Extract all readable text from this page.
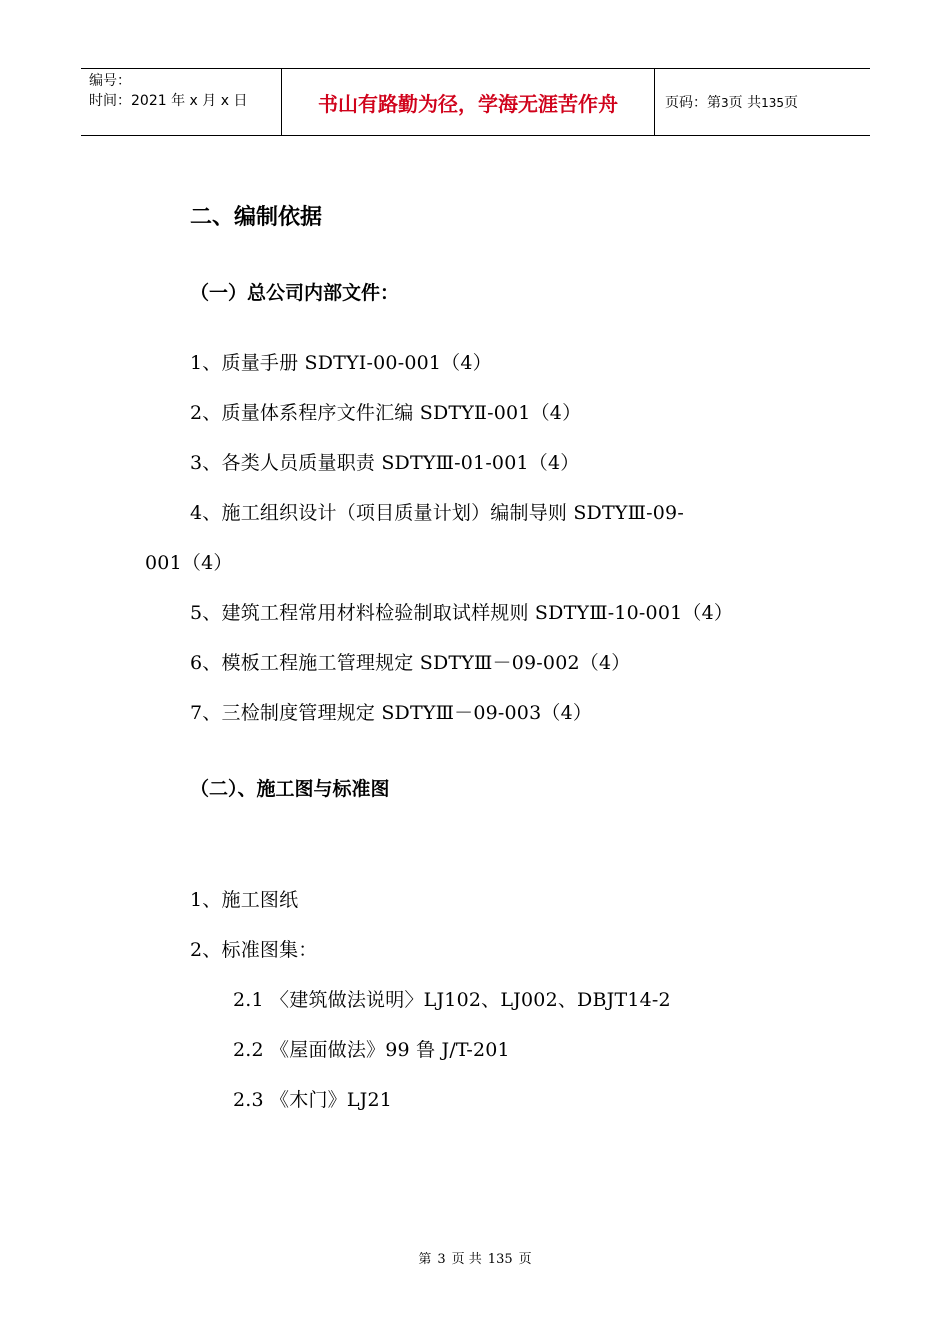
编号：
时间：2021 年 x 月 x 日	书山有路勤为径，学海无涯苦作舟	页码：第3页 共135页
二、编制依据
（一）总公司内部文件：
1、质量手册 SDTYⅠ-00-001（4）
2、质量体系程序文件汇编 SDTYⅡ-001（4）
3、各类人员质量职责 SDTYⅢ-01-001（4）
4、施工组织设计（项目质量计划）编制导则 SDTYⅢ-09-
001（4）
5、建筑工程常用材料检验制取试样规则 SDTYⅢ-10-001（4）
6、模板工程施工管理规定 SDTYⅢ－09-002（4）
7、三检制度管理规定 SDTYⅢ－09-003（4）
（二）、施工图与标准图
1、施工图纸
2、标准图集：
2.1 〈建筑做法说明〉LJ102、LJ002、DBJT14-2
2.2 《屋面做法》99 鲁 J/T-201
2.3 《木门》LJ21
第 3 页 共 135 页
